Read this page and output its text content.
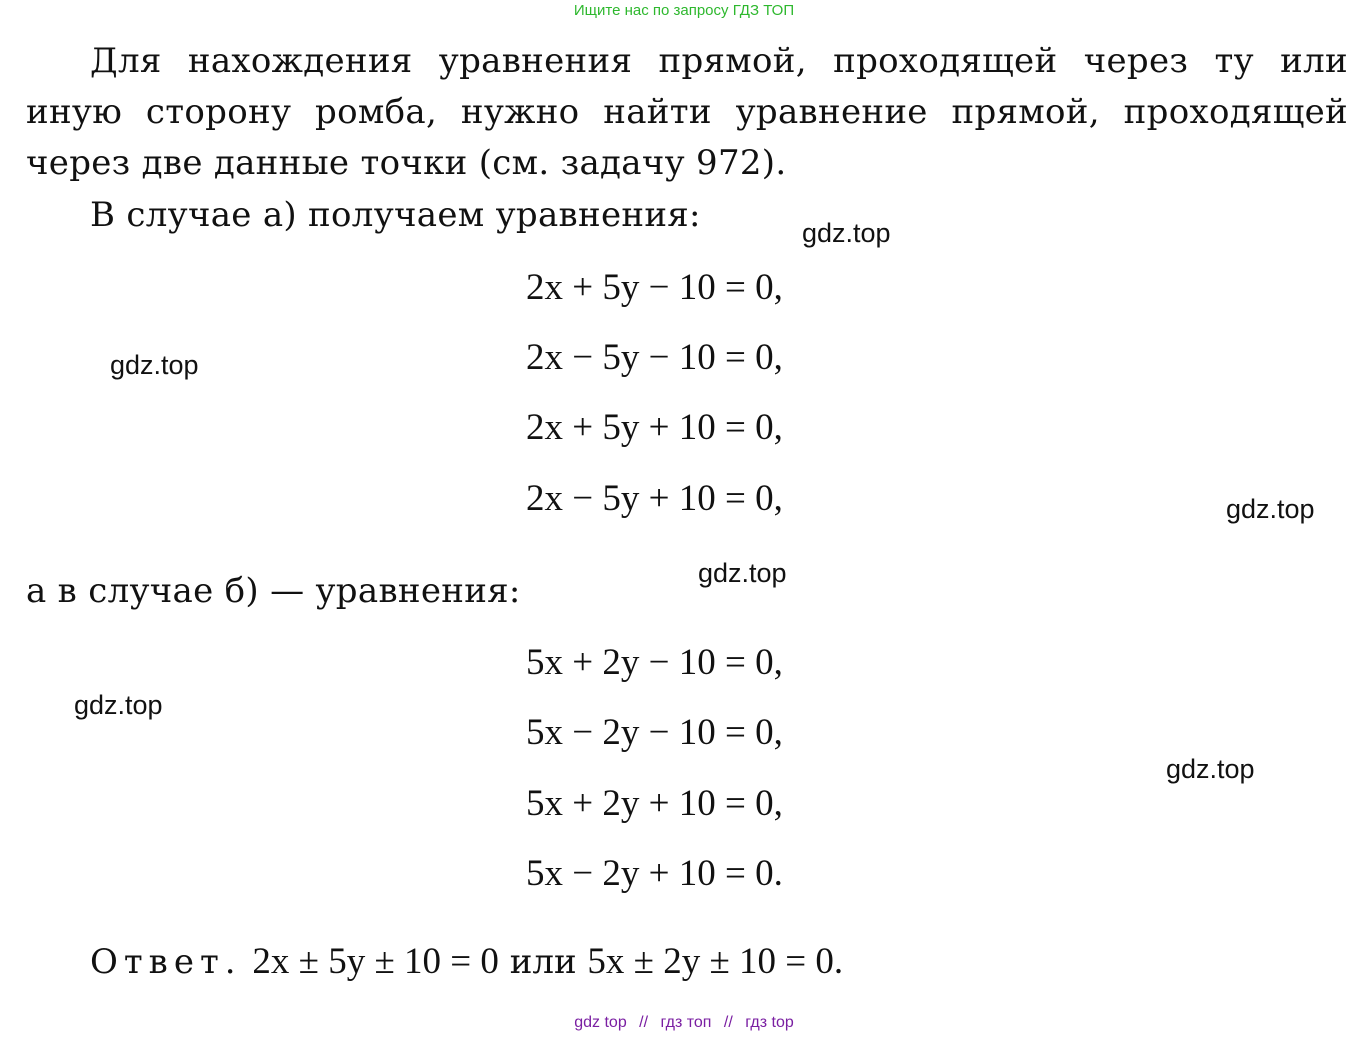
Ищите нас по запросу ГДЗ ТОП
Для нахождения уравнения прямой, проходящей через ту или иную сторону ромба, нужно найти уравнение прямой, проходящей через две данные точки (см. задачу 972).
В случае а) получаем уравнения:
2x + 5y − 10 = 0,
2x − 5y − 10 = 0,
2x + 5y + 10 = 0,
2x − 5y + 10 = 0,
а в случае б) — уравнения:
5x + 2y − 10 = 0,
5x − 2y − 10 = 0,
5x + 2y + 10 = 0,
5x − 2y + 10 = 0.
Ответ. 2x ± 5y ± 10 = 0 или 5x ± 2y ± 10 = 0.
gdz.top
gdz.top
gdz.top
gdz.top
gdz.top
gdz.top
gdz top // гдз топ // гдз top
